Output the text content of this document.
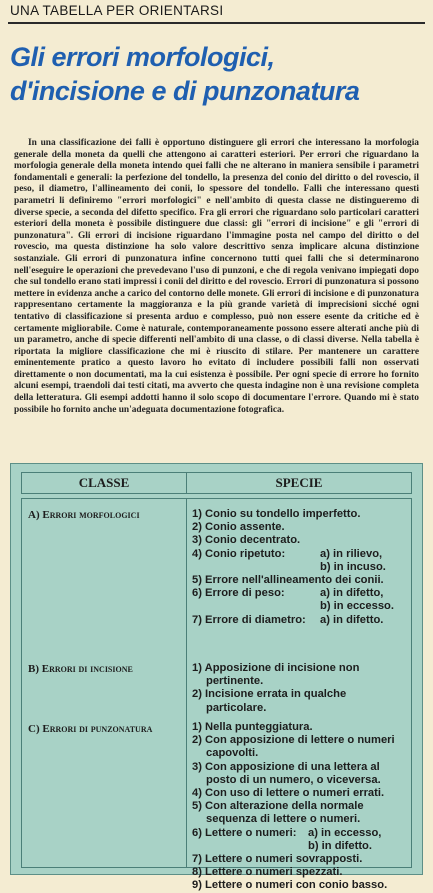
UNA TABELLA PER ORIENTARSI
Gli errori morfologici,
d'incisione e di punzonatura
In una classificazione dei falli è opportuno distinguere gli errori che interessano la morfologia generale della moneta da quelli che attengono ai caratteri esteriori. Per errori che riguardano la morfologia generale della moneta intendo quei falli che ne alterano in maniera sensibile i parametri fondamentali e generali: la perfezione del tondello, la presenza del conio del diritto o del rovescio, il peso, il diametro, l'allineamento dei conii, lo spessore del tondello. Falli che interessano questi parametri li definiremo "errori morfologici" e nell'ambito di questa classe ne distingueremo di diverse specie, a seconda del difetto specifico. Fra gli errori che riguardano solo particolari caratteri esteriori della moneta è possibile distinguere due classi: gli "errori di incisione" e gli "errori di punzonatura". Gli errori di incisione riguardano l'immagine posta nel campo del diritto o del rovescio, ma questa distinzione ha solo valore descrittivo senza implicare alcuna distinzione sostanziale. Gli errori di punzonatura infine concernono tutti quei falli che si determinarono nell'eseguire le operazioni che prevedevano l'uso di punzoni, e che di regola venivano impiegati dopo che sul tondello erano stati impressi i conii del diritto e del rovescio. Errori di punzonatura si possono mettere in evidenza anche a carico del contorno delle monete. Gli errori di incisione e di punzonatura rappresentano certamente la maggioranza e la più grande varietà di imprecisioni sicché ogni tentativo di classificazione si presenta arduo e complesso, può non essere esente da critiche ed è certamente migliorabile. Come è naturale, contemporaneamente possono essere alterati anche più di un parametro, anche di specie differenti nell'ambito di una classe, o di classi diverse. Nella tabella è riportata la migliore classificazione che mi è riuscito di stilare. Per mantenere un carattere eminentemente pratico a questo lavoro ho evitato di includere possibili falli non osservati direttamente o non documentati, ma la cui esistenza è possibile. Per ogni specie di errore ho fornito alcuni esempi, traendoli dai testi citati, ma avverto che questa indagine non è una revisione completa della letteratura. Gli esempi addotti hanno il solo scopo di documentare l'errore. Quando mi è stato possibile ho fornito anche un'adeguata documentazione fotografica.
CLASSE	SPECIE
A) Errori morfologici	1) Conio su tondello imperfetto.
2) Conio assente.
3) Conio decentrato.
4) Conio ripetuto:	a) in rilievo,
b) in incuso.
5) Errore nell'allineamento dei conii.
6) Errore di peso:	a) in difetto,
b) in eccesso.
7) Errore di diametro: a) in difetto.
B) Errori di incisione	1) Apposizione di incisione non pertinente.
2) Incisione errata in qualche particolare.
C) Errori di punzonatura	1) Nella punteggiatura.
2) Con apposizione di lettere o numeri capovolti.
3) Con apposizione di una lettera al posto di un numero, o viceversa.
4) Con uso di lettere o numeri errati.
5) Con alterazione della normale sequenza di lettere o numeri.
6) Lettere o numeri: a) in eccesso,
b) in difetto.
7) Lettere o numeri sovrapposti.
8) Lettere o numeri spezzati.
9) Lettere o numeri con conio basso.
